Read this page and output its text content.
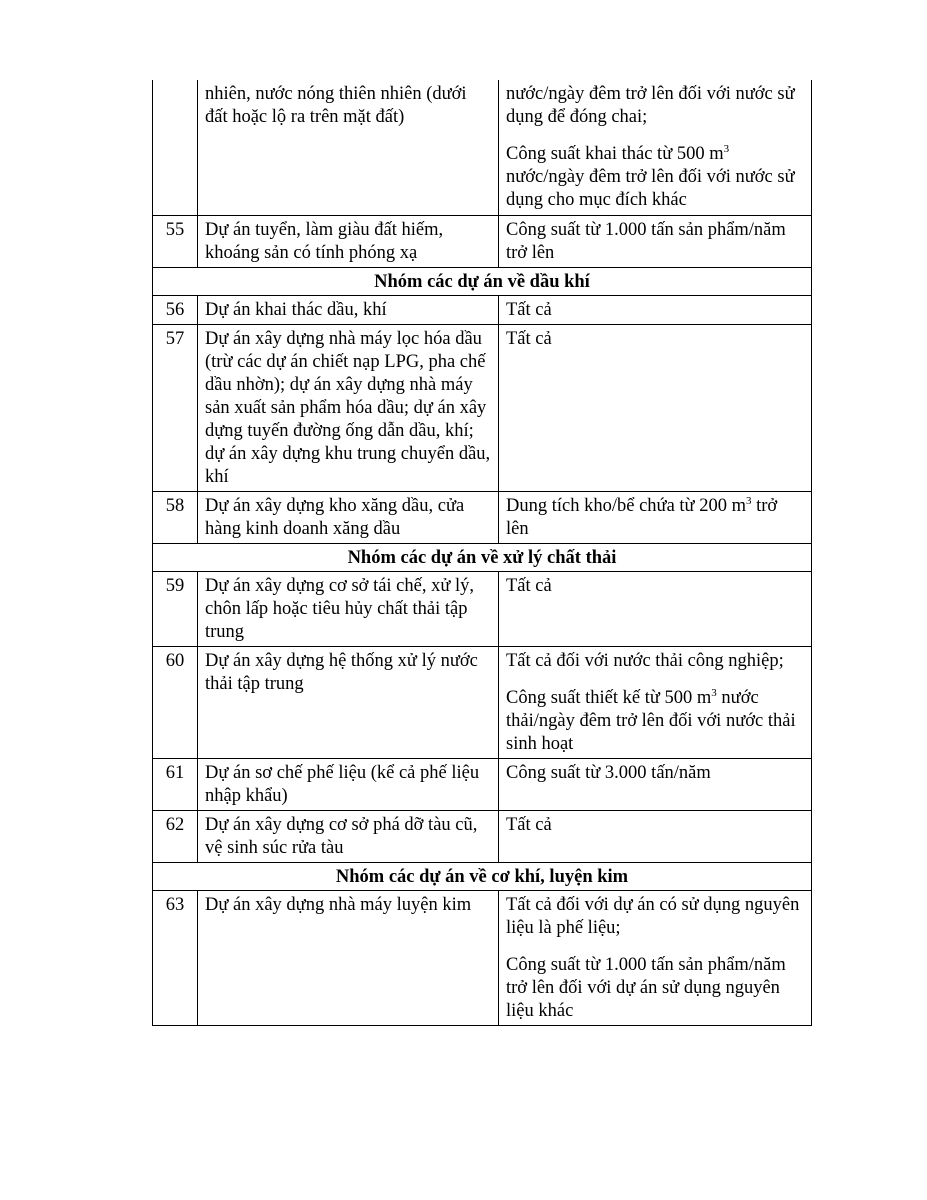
	nhiên, nước nóng thiên nhiên (dưới đất hoặc lộ ra trên mặt đất)	nước/ngày đêm trở lên đối với nước sử dụng để đóng chai;

Công suất khai thác từ 500 $m^3$ nước/ngày đêm trở lên đối với nước sử dụng cho mục đích khác

55	Dự án tuyển, làm giàu đất hiếm, khoáng sản có tính phóng xạ	Công suất từ 1.000 tấn sản phẩm/năm trở lên
Nhóm các dự án về dầu khí		
56	Dự án khai thác dầu, khí	Tất cả
57	Dự án xây dựng nhà máy lọc hóa dầu (trừ các dự án chiết nạp LPG, pha chế dầu nhờn); dự án xây dựng nhà máy sản xuất sản phẩm hóa dầu; dự án xây dựng tuyến đường ống dẫn dầu, khí; dự án xây dựng khu trung chuyển dầu, khí	Tất cả
58	Dự án xây dựng kho xăng dầu, cửa hàng kinh doanh xăng dầu	Dung tích kho/bể chứa từ 200 $m^3$ trở lên
Nhóm các dự án về xử lý chất thải		
59	Dự án xây dựng cơ sở tái chế, xử lý, chôn lấp hoặc tiêu hủy chất thải tập trung	Tất cả
60	Dự án xây dựng hệ thống xử lý nước thải tập trung	Tất cả đối với nước thải công nghiệp;

Công suất thiết kế từ 500 $m^3$ nước thải/ngày đêm trở lên đối với nước thải sinh hoạt

61	Dự án sơ chế phế liệu (kể cả phế liệu nhập khẩu)	Công suất từ 3.000 tấn/năm
62	Dự án xây dựng cơ sở phá dỡ tàu cũ, vệ sinh súc rửa tàu	Tất cả
Nhóm các dự án về cơ khí, luyện kim		
63	Dự án xây dựng nhà máy luyện kim	Tất cả đối với dự án có sử dụng nguyên liệu là phế liệu;

Công suất từ 1.000 tấn sản phẩm/năm trở lên đối với dự án sử dụng nguyên liệu khác
